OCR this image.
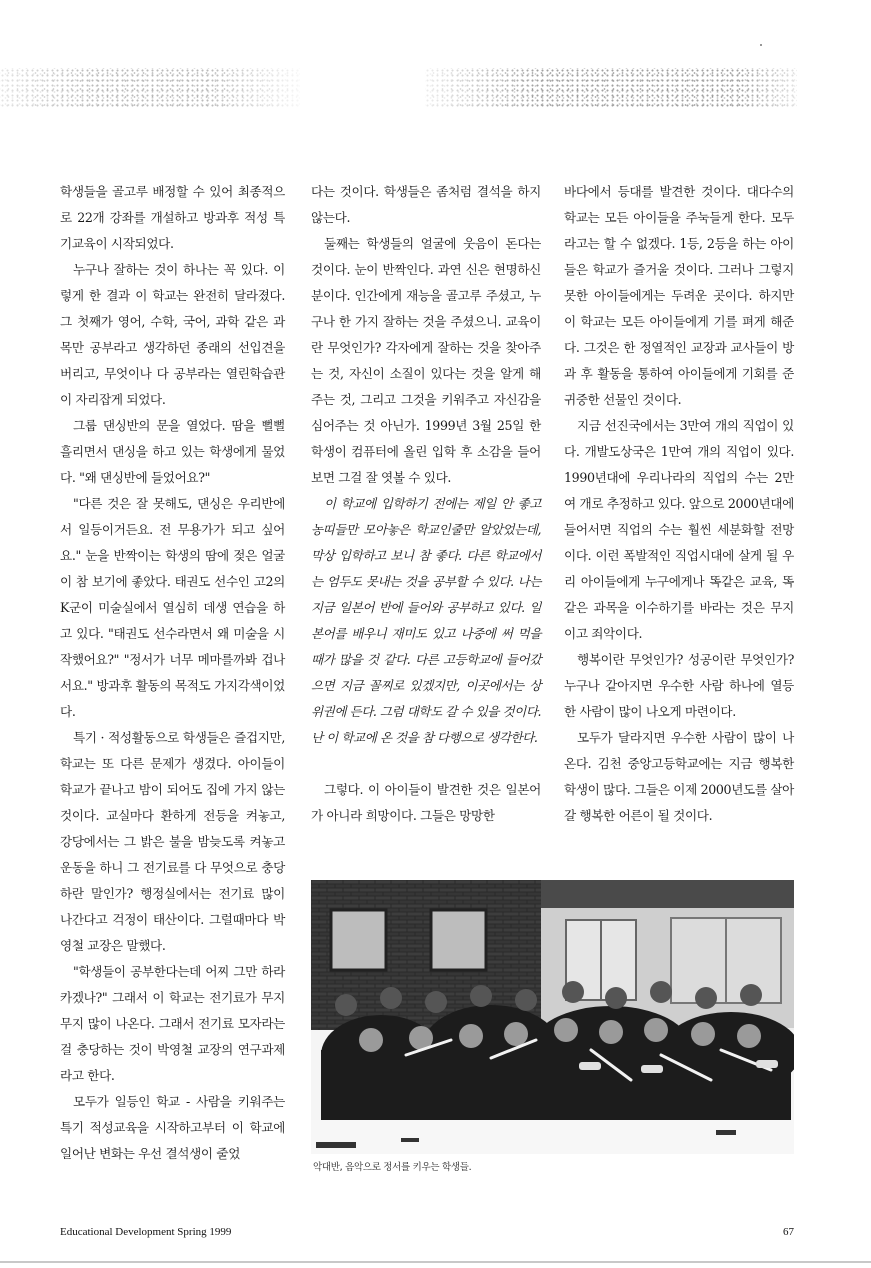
학생들을 골고루 배정할 수 있어 최종적으로 22개 강좌를 개설하고 방과후 적성 특기교육이 시작되었다.

누구나 잘하는 것이 하나는 꼭 있다. 이렇게 한 결과 이 학교는 완전히 달라졌다. 그 첫째가 영어, 수학, 국어, 과학 같은 과목만 공부라고 생각하던 종래의 선입견을 버리고, 무엇이나 다 공부라는 열린학습관이 자리잡게 되었다.

그룹 댄싱반의 문을 열었다. 땀을 뻘뻘 흘리면서 댄싱을 하고 있는 학생에게 물었다. "왜 댄싱반에 들었어요?"

"다른 것은 잘 못해도, 댄싱은 우리반에서 일등이거든요. 전 무용가가 되고 싶어요." 눈을 반짝이는 학생의 땀에 젖은 얼굴이 참 보기에 좋았다. 태권도 선수인 고2의 K군이 미술실에서 열심히 데생 연습을 하고 있다. "태권도 선수라면서 왜 미술을 시작했어요?" "정서가 너무 메마를까봐 겁나서요." 방과후 활동의 목적도 가지각색이었다.

특기 · 적성활동으로 학생들은 즐겁지만, 학교는 또 다른 문제가 생겼다. 아이들이 학교가 끝나고 밤이 되어도 집에 가지 않는 것이다. 교실마다 환하게 전등을 켜놓고, 강당에서는 그 밝은 불을 밤늦도록 켜놓고 운동을 하니 그 전기료를 다 무엇으로 충당하란 말인가? 행정실에서는 전기료 많이 나간다고 걱정이 태산이다. 그럴때마다 박영철 교장은 말했다.

"학생들이 공부한다는데 어찌 그만 하라카겠나?" 그래서 이 학교는 전기료가 무지무지 많이 나온다. 그래서 전기료 모자라는 걸 충당하는 것이 박영철 교장의 연구과제라고 한다.

모두가 일등인 학교 - 사람을 키워주는 특기 적성교육을 시작하고부터 이 학교에 일어난 변화는 우선 결석생이 줄었

다는 것이다. 학생들은 좀처럼 결석을 하지 않는다.

둘째는 학생들의 얼굴에 웃음이 돈다는 것이다. 눈이 반짝인다. 과연 신은 현명하신 분이다. 인간에게 재능을 골고루 주셨고, 누구나 한 가지 잘하는 것을 주셨으니. 교육이란 무엇인가? 각자에게 잘하는 것을 찾아주는 것, 자신이 소질이 있다는 것을 알게 해주는 것, 그리고 그것을 키워주고 자신감을 심어주는 것 아닌가. 1999년 3월 25일 한 학생이 컴퓨터에 올린 입학 후 소감을 들어보면 그걸 잘 엿볼 수 있다.

이 학교에 입학하기 전에는 제일 안 좋고 농띠들만 모아놓은 학교인줄만 알았었는데, 막상 입학하고 보니 참 좋다. 다른 학교에서는 엄두도 못내는 것을 공부할 수 있다. 나는 지금 일본어 반에 들어와 공부하고 있다. 일본어를 배우니 재미도 있고 나중에 써 먹을 때가 많을 것 같다. 다른 고등학교에 들어갔으면 지금 꼴찌로 있겠지만, 이곳에서는 상위권에 든다. 그럼 대학도 갈 수 있을 것이다. 난 이 학교에 온 것을 참 다행으로 생각한다.

그렇다. 이 아이들이 발견한 것은 일본어가 아니라 희망이다. 그들은 망망한

바다에서 등대를 발견한 것이다. 대다수의 학교는 모든 아이들을 주눅들게 한다. 모두라고는 할 수 없겠다. 1등, 2등을 하는 아이들은 학교가 즐거울 것이다. 그러나 그렇지 못한 아이들에게는 두려운 곳이다. 하지만 이 학교는 모든 아이들에게 기를 펴게 해준다. 그것은 한 정열적인 교장과 교사들이 방과 후 활동을 통하여 아이들에게 기회를 준 귀중한 선물인 것이다.

지금 선진국에서는 3만여 개의 직업이 있다. 개발도상국은 1만여 개의 직업이 있다. 1990년대에 우리나라의 직업의 수는 2만여 개로 추정하고 있다. 앞으로 2000년대에 들어서면 직업의 수는 훨씬 세분화할 전망이다. 이런 폭발적인 직업시대에 살게 될 우리 아이들에게 누구에게나 똑같은 교육, 똑같은 과목을 이수하기를 바라는 것은 무지이고 죄악이다.

행복이란 무엇인가? 성공이란 무엇인가? 누구나 같아지면 우수한 사람 하나에 열등한 사람이 많이 나오게 마련이다.

모두가 달라지면 우수한 사람이 많이 나온다. 김천 중앙고등학교에는 지금 행복한 학생이 많다. 그들은 이제 2000년도를 살아갈 행복한 어른이 될 것이다.

악대반, 음악으로 정서를 키우는 학생들.
Educational Development Spring 1999	67
